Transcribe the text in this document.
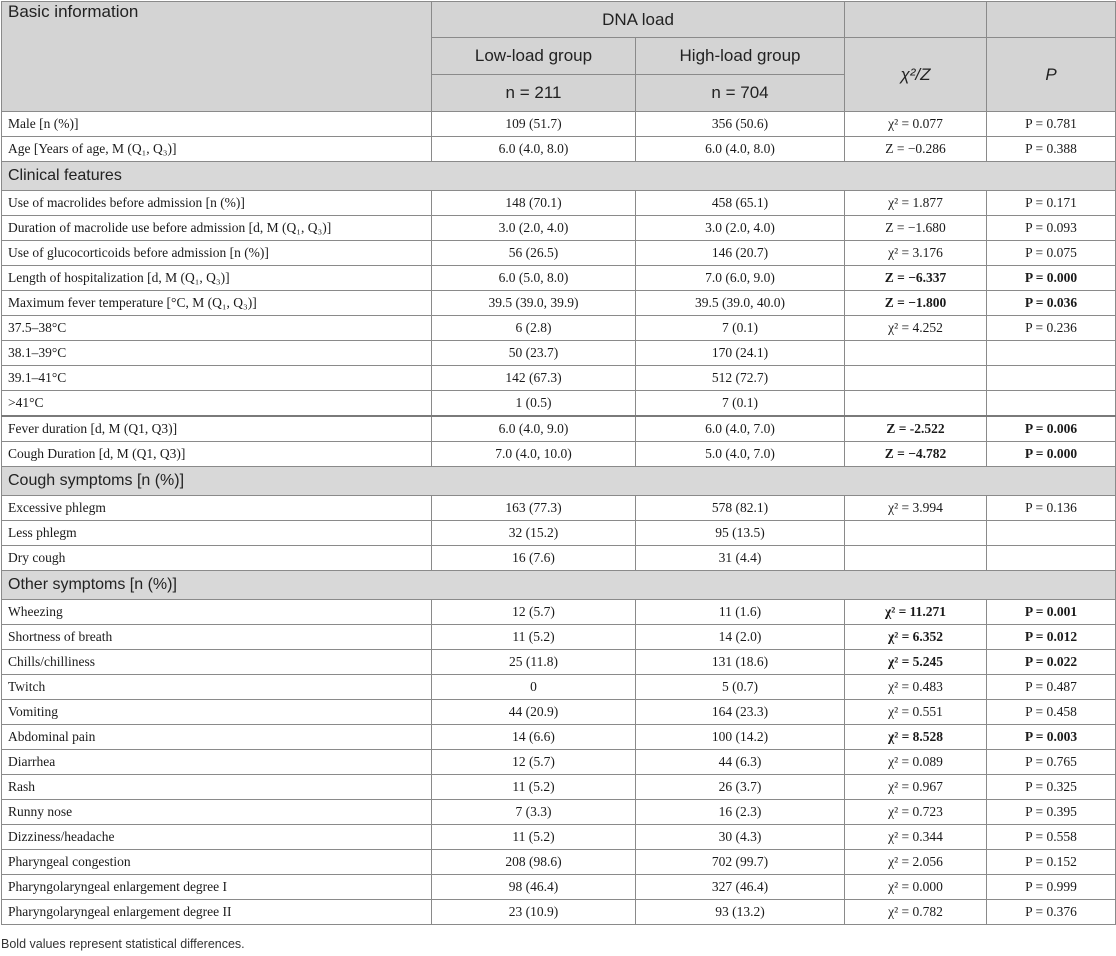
Basic information	DNA load			
	Low-load group	High-load group	χ²/Z	P
	n = 211	n = 704		
Male [n (%)]	109 (51.7)	356 (50.6)	χ² = 0.077	P = 0.781
Age [Years of age, M (Q₁, Q₃)]	6.0 (4.0, 8.0)	6.0 (4.0, 8.0)	Z = −0.286	P = 0.388
Clinical features				
Use of macrolides before admission [n (%)]	148 (70.1)	458 (65.1)	χ² = 1.877	P = 0.171
Duration of macrolide use before admission [d, M (Q₁, Q₃)]	3.0 (2.0, 4.0)	3.0 (2.0, 4.0)	Z = −1.680	P = 0.093
Use of glucocorticoids before admission [n (%)]	56 (26.5)	146 (20.7)	χ² = 3.176	P = 0.075
Length of hospitalization [d, M (Q₁, Q₃)]	6.0 (5.0, 8.0)	7.0 (6.0, 9.0)	Z = −6.337	P = 0.000
Maximum fever temperature [°C, M (Q₁, Q₃)]	39.5 (39.0, 39.9)	39.5 (39.0, 40.0)	Z = −1.800	P = 0.036
37.5–38°C	6 (2.8)	7 (0.1)	χ² = 4.252	P = 0.236
38.1–39°C	50 (23.7)	170 (24.1)		
39.1–41°C	142 (67.3)	512 (72.7)		
>41°C	1 (0.5)	7 (0.1)		
Fever duration [d, M (Q1, Q3)]	6.0 (4.0, 9.0)	6.0 (4.0, 7.0)	Z = -2.522	P = 0.006
Cough Duration [d, M (Q1, Q3)]	7.0 (4.0, 10.0)	5.0 (4.0, 7.0)	Z = −4.782	P = 0.000
Cough symptoms [n (%)]				
Excessive phlegm	163 (77.3)	578 (82.1)	χ² = 3.994	P = 0.136
Less phlegm	32 (15.2)	95 (13.5)		
Dry cough	16 (7.6)	31 (4.4)		
Other symptoms [n (%)]				
Wheezing	12 (5.7)	11 (1.6)	χ² = 11.271	P = 0.001
Shortness of breath	11 (5.2)	14 (2.0)	χ² = 6.352	P = 0.012
Chills/chilliness	25 (11.8)	131 (18.6)	χ² = 5.245	P = 0.022
Twitch	0	5 (0.7)	χ² = 0.483	P = 0.487
Vomiting	44 (20.9)	164 (23.3)	χ² = 0.551	P = 0.458
Abdominal pain	14 (6.6)	100 (14.2)	χ² = 8.528	P = 0.003
Diarrhea	12 (5.7)	44 (6.3)	χ² = 0.089	P = 0.765
Rash	11 (5.2)	26 (3.7)	χ² = 0.967	P = 0.325
Runny nose	7 (3.3)	16 (2.3)	χ² = 0.723	P = 0.395
Dizziness/headache	11 (5.2)	30 (4.3)	χ² = 0.344	P = 0.558
Pharyngeal congestion	208 (98.6)	702 (99.7)	χ² = 2.056	P = 0.152
Pharyngolaryngeal enlargement degree I	98 (46.4)	327 (46.4)	χ² = 0.000	P = 0.999
Pharyngolaryngeal enlargement degree II	23 (10.9)	93 (13.2)	χ² = 0.782	P = 0.376
Bold values represent statistical differences.
